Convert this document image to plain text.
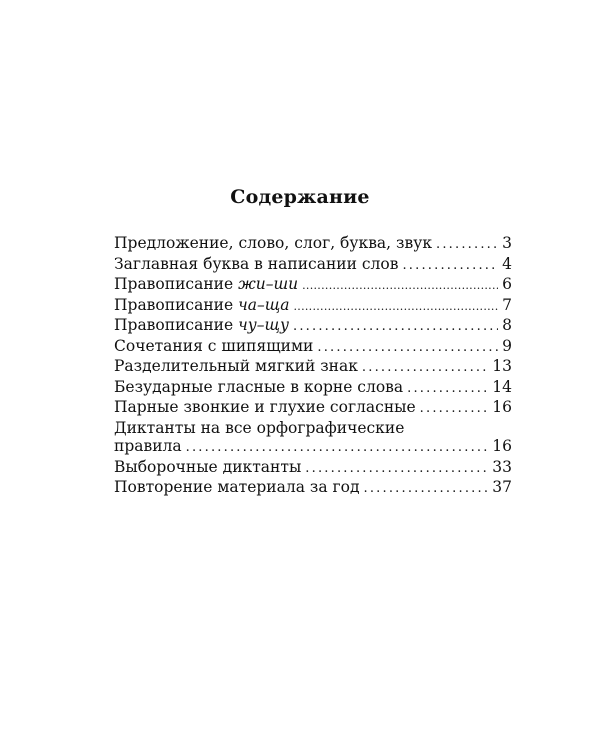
Содержание
Предложение, слово, слог, буква, звук .....	3
Заглавная буква в написании слов .....	4
Правописание жи–ши .....	6
Правописание ча–ща .....	7
Правописание чу–щу .....	8
Сочетания с шипящими .....	9
Разделительный мягкий знак .....	13
Безударные гласные в корне слова .....	14
Парные звонкие и глухие согласные .....	16
Диктанты на все орфографические
правила .....	16
Выборочные диктанты .....	33
Повторение материала за год .....	37
